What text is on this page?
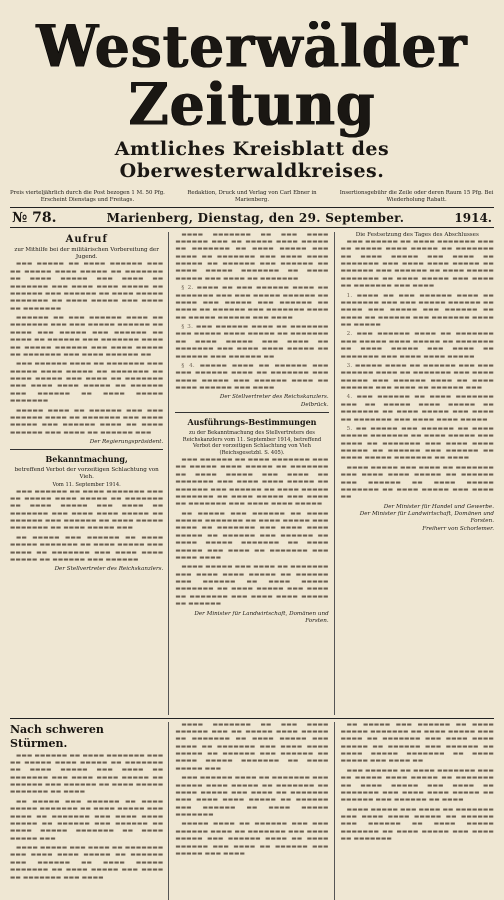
Westerwälder Zeitung
Amtliches Kreisblatt des Oberwesterwaldkreises.
Preis vierteljährlich durch die Post bezogen 1 M. 50 Pfg. Erscheint Dienstags und Freitags.
Redaktion, Druck und Verlag von Carl Ebner in Marienberg.
Insertionsgebühr die Zeile oder deren Raum 15 Pfg. Bei Wiederholung Rabatt.
№ 78.	Marienberg, Dienstag, den 29. September.	1914.
Aufruf
zur Mithilfe bei der militärischen Vorbereitung der Jugend.

▬▬▬ ▬▬▬▬▬ ▬▬ ▬▬▬▬ ▬▬▬▬▬▬ ▬▬▬ ▬▬ ▬▬▬▬▬ ▬▬▬▬ ▬▬▬▬▬ ▬▬ ▬▬▬▬▬▬▬ ▬▬ ▬▬▬▬ ▬▬▬▬▬ ▬▬▬ ▬▬▬▬ ▬▬ ▬▬▬▬▬▬▬ ▬▬▬ ▬▬▬▬ ▬▬▬▬ ▬▬▬▬▬ ▬▬ ▬▬▬▬▬▬ ▬▬▬ ▬▬▬▬▬▬ ▬▬ ▬▬▬▬ ▬▬▬▬▬ ▬▬▬▬▬▬▬ ▬▬ ▬▬▬▬ ▬▬▬▬▬ ▬▬▬ ▬▬▬▬ ▬▬ ▬▬▬▬▬▬▬

▬▬▬▬▬▬ ▬▬ ▬▬▬ ▬▬▬▬▬▬ ▬▬▬▬ ▬▬ ▬▬▬▬▬▬▬ ▬▬▬ ▬▬▬ ▬▬▬▬▬ ▬▬▬▬▬▬ ▬▬ ▬▬▬▬ ▬▬▬ ▬▬▬▬▬ ▬▬▬ ▬▬▬▬▬▬ ▬▬ ▬▬▬▬ ▬▬ ▬▬▬▬▬▬ ▬▬▬ ▬▬▬▬▬▬▬ ▬▬▬▬ ▬▬ ▬▬▬▬▬ ▬▬▬▬▬▬ ▬▬▬ ▬▬▬▬ ▬▬▬▬▬ ▬▬ ▬▬▬▬▬▬▬ ▬▬▬ ▬▬▬▬ ▬▬▬▬▬▬ ▬▬

▬▬▬ ▬▬▬▬▬▬ ▬▬▬▬ ▬▬ ▬▬▬▬▬▬▬ ▬▬▬ ▬▬▬▬▬ ▬▬▬▬ ▬▬▬▬▬ ▬▬ ▬▬▬▬▬▬▬ ▬▬ ▬▬▬▬ ▬▬▬▬▬ ▬▬▬ ▬▬▬▬ ▬▬ ▬▬▬▬▬▬▬ ▬▬▬ ▬▬▬▬ ▬▬▬▬ ▬▬▬▬▬ ▬▬ ▬▬▬▬▬▬ ▬▬▬ ▬▬▬▬▬▬ ▬▬ ▬▬▬▬ ▬▬▬▬▬ ▬▬▬▬▬▬▬

▬▬▬▬▬ ▬▬▬▬ ▬▬ ▬▬▬▬▬▬ ▬▬▬ ▬▬▬ ▬▬▬▬▬▬ ▬▬▬▬ ▬▬ ▬▬▬▬▬▬▬ ▬▬▬ ▬▬▬▬ ▬▬▬▬▬ ▬▬▬ ▬▬▬▬▬▬ ▬▬▬▬ ▬▬ ▬▬▬▬ ▬▬▬▬▬▬ ▬▬▬ ▬▬▬▬ ▬▬ ▬▬▬▬▬▬ ▬▬▬

Der Regierungspräsident.
Bekanntmachung,
betreffend Verbot der vorzeitigen Schlachtung von Vieh.
Vom 11. September 1914.

▬▬▬ ▬▬▬▬▬▬ ▬▬ ▬▬▬▬ ▬▬▬▬▬▬▬ ▬▬▬ ▬▬ ▬▬▬▬▬ ▬▬▬▬ ▬▬▬▬▬ ▬▬ ▬▬▬▬▬▬▬ ▬▬ ▬▬▬▬ ▬▬▬▬▬ ▬▬▬ ▬▬▬▬ ▬▬ ▬▬▬▬▬▬▬ ▬▬▬ ▬▬▬▬ ▬▬▬▬ ▬▬▬▬▬ ▬▬ ▬▬▬▬▬▬ ▬▬▬ ▬▬▬▬▬▬ ▬▬ ▬▬▬▬ ▬▬▬▬▬ ▬▬▬▬▬▬▬ ▬▬ ▬▬▬▬ ▬▬▬▬▬ ▬▬▬

▬▬ ▬▬▬▬▬ ▬▬▬ ▬▬▬▬▬▬ ▬▬ ▬▬▬▬ ▬▬▬▬▬ ▬▬▬▬▬▬▬ ▬▬ ▬▬▬▬ ▬▬▬▬▬ ▬▬▬ ▬▬▬▬ ▬▬ ▬▬▬▬▬▬▬ ▬▬▬ ▬▬▬▬ ▬▬▬▬ ▬▬▬▬▬ ▬▬ ▬▬▬▬▬▬ ▬▬▬ ▬▬▬▬▬▬

Der Stellvertreter des Reichskanzlers.

▬▬▬▬ ▬▬▬▬▬▬▬ ▬▬ ▬▬▬ ▬▬▬▬ ▬▬▬▬▬▬ ▬▬▬ ▬▬ ▬▬▬▬▬ ▬▬▬▬ ▬▬▬▬▬ ▬▬ ▬▬▬▬▬▬▬ ▬▬ ▬▬▬▬ ▬▬▬▬▬ ▬▬▬ ▬▬▬▬ ▬▬ ▬▬▬▬▬▬▬ ▬▬▬ ▬▬▬▬ ▬▬▬▬ ▬▬▬▬▬ ▬▬ ▬▬▬▬▬▬ ▬▬▬ ▬▬▬▬▬▬ ▬▬ ▬▬▬▬ ▬▬▬▬▬ ▬▬▬▬▬▬▬ ▬▬ ▬▬▬▬ ▬▬▬▬▬ ▬▬▬ ▬▬▬▬ ▬▬ ▬▬▬▬▬▬▬

§ 2. ▬▬▬▬ ▬▬ ▬▬▬ ▬▬▬▬▬▬ ▬▬▬▬ ▬▬ ▬▬▬▬▬▬▬ ▬▬▬ ▬▬▬ ▬▬▬▬▬ ▬▬▬▬▬▬ ▬▬ ▬▬▬▬ ▬▬▬ ▬▬▬▬▬ ▬▬▬ ▬▬▬▬▬▬ ▬▬ ▬▬▬▬ ▬▬ ▬▬▬▬▬▬ ▬▬▬ ▬▬▬▬▬▬▬ ▬▬▬▬ ▬▬ ▬▬▬▬▬ ▬▬▬▬▬▬ ▬▬▬ ▬▬▬▬

§ 3. ▬▬▬ ▬▬▬▬▬▬ ▬▬▬▬ ▬▬ ▬▬▬▬▬▬▬ ▬▬▬ ▬▬▬▬▬ ▬▬▬▬ ▬▬▬▬▬ ▬▬ ▬▬▬▬▬▬▬ ▬▬ ▬▬▬▬ ▬▬▬▬▬ ▬▬▬ ▬▬▬▬ ▬▬ ▬▬▬▬▬▬▬ ▬▬▬ ▬▬▬▬ ▬▬▬▬ ▬▬▬▬▬ ▬▬ ▬▬▬▬▬▬ ▬▬▬ ▬▬▬▬▬▬ ▬▬

§ 4. ▬▬▬▬▬ ▬▬▬▬ ▬▬ ▬▬▬▬▬▬ ▬▬▬ ▬▬▬ ▬▬▬▬▬▬ ▬▬▬▬ ▬▬ ▬▬▬▬▬▬▬ ▬▬▬ ▬▬▬▬ ▬▬▬▬▬ ▬▬▬ ▬▬▬▬▬▬ ▬▬▬▬ ▬▬ ▬▬▬▬ ▬▬▬▬▬▬ ▬▬▬ ▬▬▬▬

Der Stellvertreter des Reichskanzlers.
Delbrück.
Ausführungs-Bestimmungen
zu der Bekanntmachung des Stellvertreters des Reichskanzlers vom 11. September 1914, betreffend Verbot der vorzeitigen Schlachtung von Vieh (Reichsgesetzbl. S. 405).

▬▬▬ ▬▬▬▬▬▬ ▬▬ ▬▬▬▬ ▬▬▬▬▬▬▬ ▬▬▬ ▬▬ ▬▬▬▬▬ ▬▬▬▬ ▬▬▬▬▬ ▬▬ ▬▬▬▬▬▬▬ ▬▬ ▬▬▬▬ ▬▬▬▬▬ ▬▬▬ ▬▬▬▬ ▬▬ ▬▬▬▬▬▬▬ ▬▬▬ ▬▬▬▬ ▬▬▬▬ ▬▬▬▬▬ ▬▬ ▬▬▬▬▬▬ ▬▬▬ ▬▬▬▬▬▬ ▬▬ ▬▬▬▬ ▬▬▬▬▬ ▬▬▬▬▬▬▬ ▬▬ ▬▬▬▬ ▬▬▬▬▬ ▬▬▬ ▬▬▬▬ ▬▬ ▬▬▬▬▬▬▬ ▬▬▬ ▬▬▬▬ ▬▬▬▬ ▬▬▬▬▬

▬▬ ▬▬▬▬▬ ▬▬▬ ▬▬▬▬▬▬ ▬▬ ▬▬▬▬ ▬▬▬▬▬ ▬▬▬▬▬▬▬ ▬▬ ▬▬▬▬ ▬▬▬▬▬ ▬▬▬ ▬▬▬▬ ▬▬ ▬▬▬▬▬▬▬ ▬▬▬ ▬▬▬▬ ▬▬▬▬ ▬▬▬▬▬ ▬▬ ▬▬▬▬▬▬ ▬▬▬ ▬▬▬▬▬▬ ▬▬ ▬▬▬▬ ▬▬▬▬▬ ▬▬▬▬▬▬▬ ▬▬ ▬▬▬▬ ▬▬▬▬▬ ▬▬▬ ▬▬▬▬ ▬▬ ▬▬▬▬▬▬▬ ▬▬▬ ▬▬▬▬ ▬▬▬▬

▬▬▬▬ ▬▬▬▬▬ ▬▬▬ ▬▬▬▬ ▬▬ ▬▬▬▬▬▬▬ ▬▬▬ ▬▬▬▬ ▬▬▬▬ ▬▬▬▬▬ ▬▬ ▬▬▬▬▬▬ ▬▬▬ ▬▬▬▬▬▬ ▬▬ ▬▬▬▬ ▬▬▬▬▬ ▬▬▬▬▬▬▬ ▬▬ ▬▬▬▬ ▬▬▬▬▬ ▬▬▬ ▬▬▬▬ ▬▬ ▬▬▬▬▬▬▬ ▬▬▬ ▬▬▬▬ ▬▬▬▬ ▬▬▬▬▬ ▬▬ ▬▬▬▬▬▬

Der Minister für Landwirtschaft, Domänen und Forsten.
Die Festsetzung des Tages des Abschlusses

▬▬▬ ▬▬▬▬▬▬ ▬▬ ▬▬▬▬ ▬▬▬▬▬▬▬ ▬▬▬ ▬▬ ▬▬▬▬▬ ▬▬▬▬ ▬▬▬▬▬ ▬▬ ▬▬▬▬▬▬▬ ▬▬ ▬▬▬▬ ▬▬▬▬▬ ▬▬▬ ▬▬▬▬ ▬▬ ▬▬▬▬▬▬▬ ▬▬▬ ▬▬▬▬ ▬▬▬▬ ▬▬▬▬▬ ▬▬ ▬▬▬▬▬▬ ▬▬▬ ▬▬▬▬▬▬ ▬▬ ▬▬▬▬ ▬▬▬▬▬ ▬▬▬▬▬▬▬ ▬▬ ▬▬▬▬ ▬▬▬▬▬ ▬▬▬ ▬▬▬▬ ▬▬ ▬▬▬▬▬▬▬ ▬▬▬ ▬▬▬▬

1. ▬▬▬▬ ▬▬ ▬▬▬ ▬▬▬▬▬▬ ▬▬▬▬ ▬▬ ▬▬▬▬▬▬▬ ▬▬▬ ▬▬▬ ▬▬▬▬▬ ▬▬▬▬▬▬ ▬▬ ▬▬▬▬ ▬▬▬ ▬▬▬▬▬ ▬▬▬ ▬▬▬▬▬▬ ▬▬ ▬▬▬▬ ▬▬ ▬▬▬▬▬▬ ▬▬▬ ▬▬▬▬▬▬▬ ▬▬▬▬ ▬▬ ▬▬▬▬▬

2. ▬▬▬ ▬▬▬▬▬▬ ▬▬▬▬ ▬▬ ▬▬▬▬▬▬▬ ▬▬▬ ▬▬▬▬▬ ▬▬▬▬ ▬▬▬▬▬ ▬▬ ▬▬▬▬▬▬▬ ▬▬ ▬▬▬▬ ▬▬▬▬▬ ▬▬▬ ▬▬▬▬ ▬▬ ▬▬▬▬▬▬▬ ▬▬▬ ▬▬▬▬ ▬▬▬▬ ▬▬▬▬▬

3. ▬▬▬▬▬ ▬▬▬▬ ▬▬ ▬▬▬▬▬▬ ▬▬▬ ▬▬▬ ▬▬▬▬▬▬ ▬▬▬▬ ▬▬ ▬▬▬▬▬▬▬ ▬▬▬ ▬▬▬▬ ▬▬▬▬▬ ▬▬▬ ▬▬▬▬▬▬ ▬▬▬▬ ▬▬ ▬▬▬▬ ▬▬▬▬▬▬ ▬▬▬ ▬▬▬▬ ▬▬ ▬▬▬▬▬▬ ▬▬▬

4. ▬▬▬ ▬▬▬▬▬▬ ▬▬ ▬▬▬▬ ▬▬▬▬▬▬▬ ▬▬▬ ▬▬ ▬▬▬▬▬ ▬▬▬▬ ▬▬▬▬▬ ▬▬ ▬▬▬▬▬▬▬ ▬▬ ▬▬▬▬ ▬▬▬▬▬ ▬▬▬ ▬▬▬▬ ▬▬ ▬▬▬▬▬▬▬ ▬▬▬ ▬▬▬▬ ▬▬▬▬ ▬▬▬▬▬

5. ▬▬ ▬▬▬▬▬ ▬▬▬ ▬▬▬▬▬▬ ▬▬ ▬▬▬▬ ▬▬▬▬▬ ▬▬▬▬▬▬▬ ▬▬ ▬▬▬▬ ▬▬▬▬▬ ▬▬▬ ▬▬▬▬ ▬▬ ▬▬▬▬▬▬▬ ▬▬▬ ▬▬▬▬ ▬▬▬▬ ▬▬▬▬▬ ▬▬ ▬▬▬▬▬▬ ▬▬▬ ▬▬▬▬▬▬ ▬▬ ▬▬▬▬ ▬▬▬▬▬ ▬▬▬▬▬▬▬ ▬▬ ▬▬▬▬

▬▬▬▬ ▬▬▬▬▬ ▬▬▬ ▬▬▬▬ ▬▬ ▬▬▬▬▬▬▬ ▬▬▬ ▬▬▬▬ ▬▬▬▬ ▬▬▬▬▬ ▬▬ ▬▬▬▬▬▬ ▬▬▬ ▬▬▬▬▬▬ ▬▬ ▬▬▬▬ ▬▬▬▬▬ ▬▬▬▬▬▬▬ ▬▬ ▬▬▬▬ ▬▬▬▬▬ ▬▬▬ ▬▬▬▬ ▬▬

Der Minister für Handel und Gewerbe.
Der Minister für Landwirtschaft, Domänen und Forsten.
Freiherr von Schorlemer.
Nach schweren Stürmen.

▬▬▬ ▬▬▬▬▬▬ ▬▬ ▬▬▬▬ ▬▬▬▬▬▬▬ ▬▬▬ ▬▬ ▬▬▬▬▬ ▬▬▬▬ ▬▬▬▬▬ ▬▬ ▬▬▬▬▬▬▬ ▬▬ ▬▬▬▬ ▬▬▬▬▬ ▬▬▬ ▬▬▬▬ ▬▬ ▬▬▬▬▬▬▬ ▬▬▬ ▬▬▬▬ ▬▬▬▬ ▬▬▬▬▬ ▬▬ ▬▬▬▬▬▬ ▬▬▬ ▬▬▬▬▬▬ ▬▬ ▬▬▬▬ ▬▬▬▬▬ ▬▬▬▬▬▬▬ ▬▬ ▬▬▬▬

▬▬ ▬▬▬▬▬ ▬▬▬ ▬▬▬▬▬▬ ▬▬ ▬▬▬▬ ▬▬▬▬▬ ▬▬▬▬▬▬▬ ▬▬ ▬▬▬▬ ▬▬▬▬▬ ▬▬▬ ▬▬▬▬ ▬▬ ▬▬▬▬▬▬▬ ▬▬▬ ▬▬▬▬ ▬▬▬▬ ▬▬▬▬▬ ▬▬ ▬▬▬▬▬▬ ▬▬▬ ▬▬▬▬▬▬ ▬▬ ▬▬▬▬ ▬▬▬▬▬ ▬▬▬▬▬▬▬ ▬▬ ▬▬▬▬ ▬▬▬▬▬ ▬▬▬

▬▬▬▬ ▬▬▬▬▬ ▬▬▬ ▬▬▬▬ ▬▬ ▬▬▬▬▬▬▬ ▬▬▬ ▬▬▬▬ ▬▬▬▬ ▬▬▬▬▬ ▬▬ ▬▬▬▬▬▬ ▬▬▬ ▬▬▬▬▬▬ ▬▬ ▬▬▬▬ ▬▬▬▬▬ ▬▬▬▬▬▬▬ ▬▬ ▬▬▬▬ ▬▬▬▬▬ ▬▬▬ ▬▬▬▬ ▬▬ ▬▬▬▬▬▬▬ ▬▬▬ ▬▬▬▬

▬▬▬▬ ▬▬▬▬▬▬▬ ▬▬ ▬▬▬ ▬▬▬▬ ▬▬▬▬▬▬ ▬▬▬ ▬▬ ▬▬▬▬▬ ▬▬▬▬ ▬▬▬▬▬ ▬▬ ▬▬▬▬▬▬▬ ▬▬ ▬▬▬▬ ▬▬▬▬▬ ▬▬▬ ▬▬▬▬ ▬▬ ▬▬▬▬▬▬▬ ▬▬▬ ▬▬▬▬ ▬▬▬▬ ▬▬▬▬▬ ▬▬ ▬▬▬▬▬▬ ▬▬▬ ▬▬▬▬▬▬ ▬▬ ▬▬▬▬ ▬▬▬▬▬ ▬▬▬▬▬▬▬ ▬▬ ▬▬▬▬ ▬▬▬▬▬ ▬▬▬

▬▬▬ ▬▬▬▬▬▬ ▬▬▬▬ ▬▬ ▬▬▬▬▬▬▬ ▬▬▬ ▬▬▬▬▬ ▬▬▬▬ ▬▬▬▬▬ ▬▬ ▬▬▬▬▬▬▬ ▬▬ ▬▬▬▬ ▬▬▬▬▬ ▬▬▬ ▬▬▬▬ ▬▬ ▬▬▬▬▬▬▬ ▬▬▬ ▬▬▬▬ ▬▬▬▬ ▬▬▬▬▬ ▬▬ ▬▬▬▬▬▬ ▬▬▬ ▬▬▬▬▬▬ ▬▬ ▬▬▬▬ ▬▬▬▬▬ ▬▬▬▬▬▬▬

▬▬▬▬▬ ▬▬▬▬ ▬▬ ▬▬▬▬▬▬ ▬▬▬ ▬▬▬ ▬▬▬▬▬▬ ▬▬▬▬ ▬▬ ▬▬▬▬▬▬▬ ▬▬▬ ▬▬▬▬ ▬▬▬▬▬ ▬▬▬ ▬▬▬▬▬▬ ▬▬▬▬ ▬▬ ▬▬▬▬ ▬▬▬▬▬▬ ▬▬▬ ▬▬▬▬ ▬▬ ▬▬▬▬▬▬ ▬▬▬ ▬▬▬▬▬ ▬▬▬ ▬▬▬▬

▬▬ ▬▬▬▬▬ ▬▬▬ ▬▬▬▬▬▬ ▬▬ ▬▬▬▬ ▬▬▬▬▬ ▬▬▬▬▬▬▬ ▬▬ ▬▬▬▬ ▬▬▬▬▬ ▬▬▬ ▬▬▬▬ ▬▬ ▬▬▬▬▬▬▬ ▬▬▬ ▬▬▬▬ ▬▬▬▬ ▬▬▬▬▬ ▬▬ ▬▬▬▬▬▬ ▬▬▬ ▬▬▬▬▬▬ ▬▬ ▬▬▬▬ ▬▬▬▬▬ ▬▬▬▬▬▬▬ ▬▬ ▬▬▬▬ ▬▬▬▬▬ ▬▬▬ ▬▬▬▬ ▬▬

▬▬▬ ▬▬▬▬▬▬ ▬▬ ▬▬▬▬ ▬▬▬▬▬▬▬ ▬▬▬ ▬▬ ▬▬▬▬▬ ▬▬▬▬ ▬▬▬▬▬ ▬▬ ▬▬▬▬▬▬▬ ▬▬ ▬▬▬▬ ▬▬▬▬▬ ▬▬▬ ▬▬▬▬ ▬▬ ▬▬▬▬▬▬▬ ▬▬▬ ▬▬▬▬ ▬▬▬▬ ▬▬▬▬▬ ▬▬ ▬▬▬▬▬▬ ▬▬▬ ▬▬▬▬▬▬ ▬▬ ▬▬▬▬

▬▬▬▬ ▬▬▬▬▬ ▬▬▬ ▬▬▬▬ ▬▬ ▬▬▬▬▬▬▬ ▬▬▬ ▬▬▬▬ ▬▬▬▬ ▬▬▬▬▬ ▬▬ ▬▬▬▬▬▬ ▬▬▬ ▬▬▬▬▬▬ ▬▬ ▬▬▬▬ ▬▬▬▬▬ ▬▬▬▬▬▬▬ ▬▬ ▬▬▬▬ ▬▬▬▬▬ ▬▬▬ ▬▬▬▬ ▬▬ ▬▬▬▬▬▬▬
